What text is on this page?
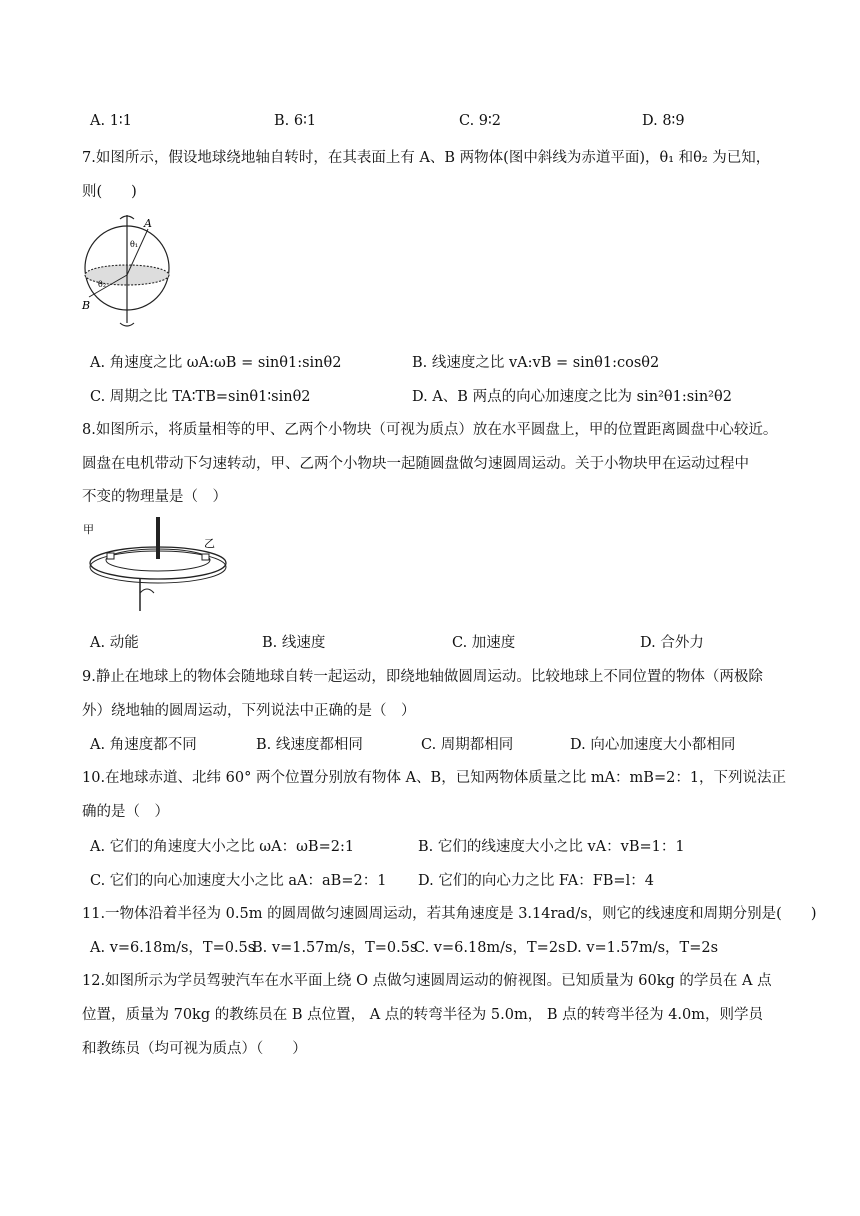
A. 1∶1	B. 6∶1	C. 9∶2	D. 8∶9
7.如图所示，假设地球绕地轴自转时，在其表面上有 A、B 两物体(图中斜线为赤道平面)，θ₁ 和θ₂ 为已知，
则(　　)
A
B
θ₁
θ₂
A. 角速度之比 ωA:ωB = sinθ1:sinθ2	B. 线速度之比 vA:vB = sinθ1:cosθ2
C. 周期之比 TA∶TB=sinθ1∶sinθ2	D. A、B 两点的向心加速度之比为 sin²θ1:sin²θ2
8.如图所示，将质量相等的甲、乙两个小物块（可视为质点）放在水平圆盘上，甲的位置距离圆盘中心较近。
圆盘在电机带动下匀速转动，甲、乙两个小物块一起随圆盘做匀速圆周运动。关于小物块甲在运动过程中
不变的物理量是（　）
甲
乙
A. 动能	B. 线速度	C. 加速度	D. 合外力
9.静止在地球上的物体会随地球自转一起运动，即绕地轴做圆周运动。比较地球上不同位置的物体（两极除
外）绕地轴的圆周运动，下列说法中正确的是（　）
A. 角速度都不同	B. 线速度都相同	C. 周期都相同	D. 向心加速度大小都相同
10.在地球赤道、北纬 60° 两个位置分别放有物体 A、B，已知两物体质量之比 mA：mB=2：1，下列说法正
确的是（　）
A. 它们的角速度大小之比 ωA：ωB=2:1	B. 它们的线速度大小之比 vA：vB=1：1
C. 它们的向心加速度大小之比 aA：aB=2：1 D. 它们的向心力之比 FA：FB=l：4
11.一物体沿着半径为 0.5m 的圆周做匀速圆周运动，若其角速度是 3.14rad/s，则它的线速度和周期分别是(　　)
A. v=6.18m/s，T=0.5s
B. v=1.57m/s，T=0.5s
C. v=6.18m/s，T=2s D. v=1.57m/s，T=2s
12.如图所示为学员驾驶汽车在水平面上绕 O 点做匀速圆周运动的俯视图。已知质量为 60kg 的学员在 A 点
位置，质量为 70kg 的教练员在 B 点位置， A 点的转弯半径为 5.0m， B 点的转弯半径为 4.0m，则学员
和教练员（均可视为质点）（　　）
